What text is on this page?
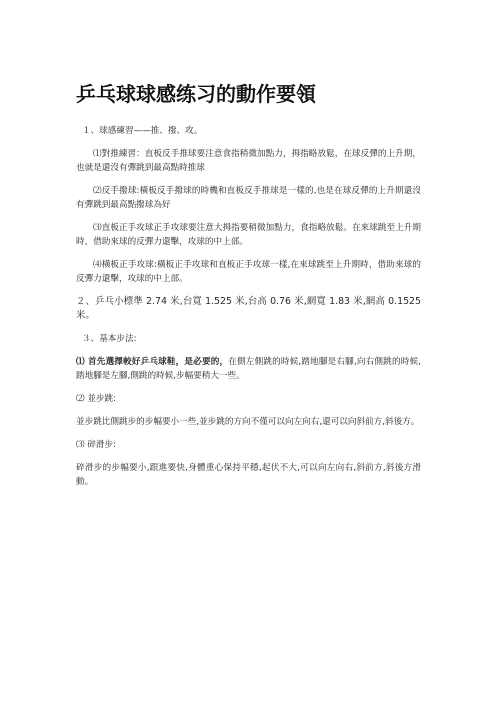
乒乓球球感练习的動作要領

１、球感練習——推、撥、攻。

⑴對推練習：直板反手推球要注意食指稍微加點力，拇指略放鬆，在球反彈的上升期，也就是還沒有彈跳到最高點時推球

⑵反手撥球:橫板反手撥球的時機和直板反手推球是一樣的,也是在球反彈的上升期還沒有彈跳到最高點撥球為好

⑶直板正手攻球正手攻球要注意大拇指要稍微加點力，食指略放鬆。在來球跳至上升期時，借助來球的反彈力還擊，攻球的中上部。

⑷橫板正手攻球:橫板正手攻球和直板正手攻球一樣,在來球跳至上升期時，借助來球的反彈力還擊，攻球的中上部。

２、乒乓小標準 2.74 米,台寬 1.525 米,台高 0.76 米,網寬 1.83 米,網高 0.1525 米。

３、基本步法:

⑴ 首先選擇較好乒乓球鞋，是必要的，在側左側跳的時候,踏地腳是右腳,向右側跳的時候,踏地腳是左腳,側跳的時候,步幅要稍大一些。

⑵ 並步跳:

並步跳比側跳步的步幅要小一些,並步跳的方向不僅可以向左向右,還可以向斜前方,斜後方。

⑶ 碎滑步:

碎滑步的步幅要小,跟進要快,身體重心保持平穩,起伏不大,可以向左向右,斜前方,斜後方滑動。
